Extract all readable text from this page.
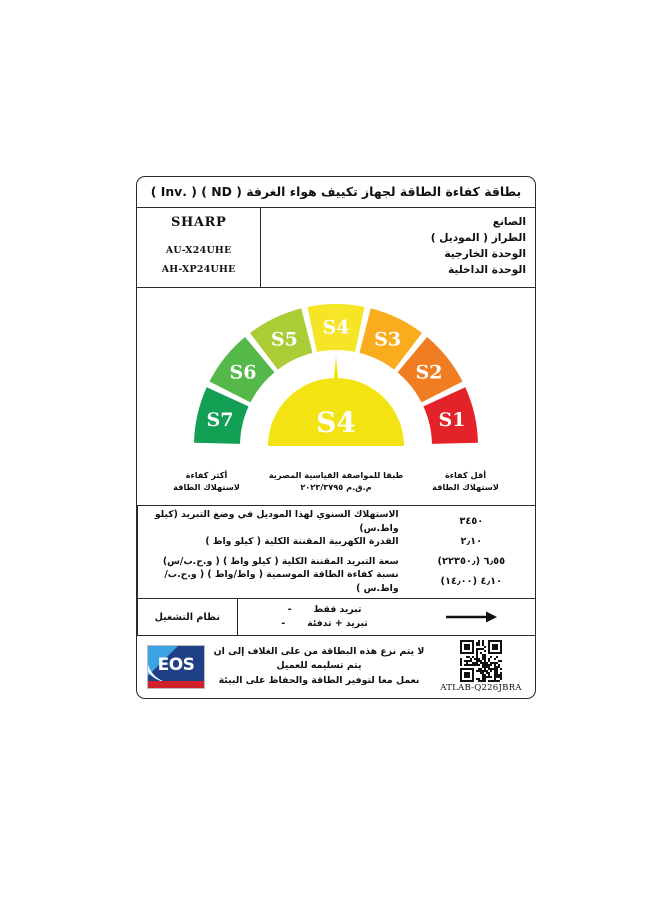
بطاقة كفاءة الطاقة لجهاز تكييف هواء الغرفة ( ND ) ( .Inv )
SHARP
AU-X24UHE
AH-XP24UHE
الصانع
الطراز ( الموديل )
الوحدة الخارجية
الوحدة الداخلية
S7
S6
S5
S4
S3
S2
S1
S4
أقل كفاءة
لاستهلاك الطاقة
طبقا للمواصفة القياسية المصرية
م.ق.م ٢٠٢٣/٣٧٩٥
أكثر كفاءة
لاستهلاك الطاقة
الاستهلاك السنوي لهذا الموديل في وضع التبريد (كيلو واط.س)
القدرة الكهربية المقننة الكلية ( كيلو واط )
سعة التبريد المقننة الكلية ( كيلو واط ) ( و.ح.ب/س)
نسبة كفاءة الطاقة الموسمية ( واط/واط ) ( و.ح.ب/واط.س )
٣٤٥٠
٢٫١٠
٦٫٥٥ (٢٢٣٥٠٫)
٤٫١٠ (١٤٫٠٠)
تبريد فقط-
تبريد + تدفئة-
نظام التشغيل
ATLAB-Q226JBRA
لا يتم نزع هذه البطاقة من على الغلاف إلى ان
يتم تسليمه للعميل
نعمل معا لتوفير الطاقة والحفاظ على البيئة
EOS
